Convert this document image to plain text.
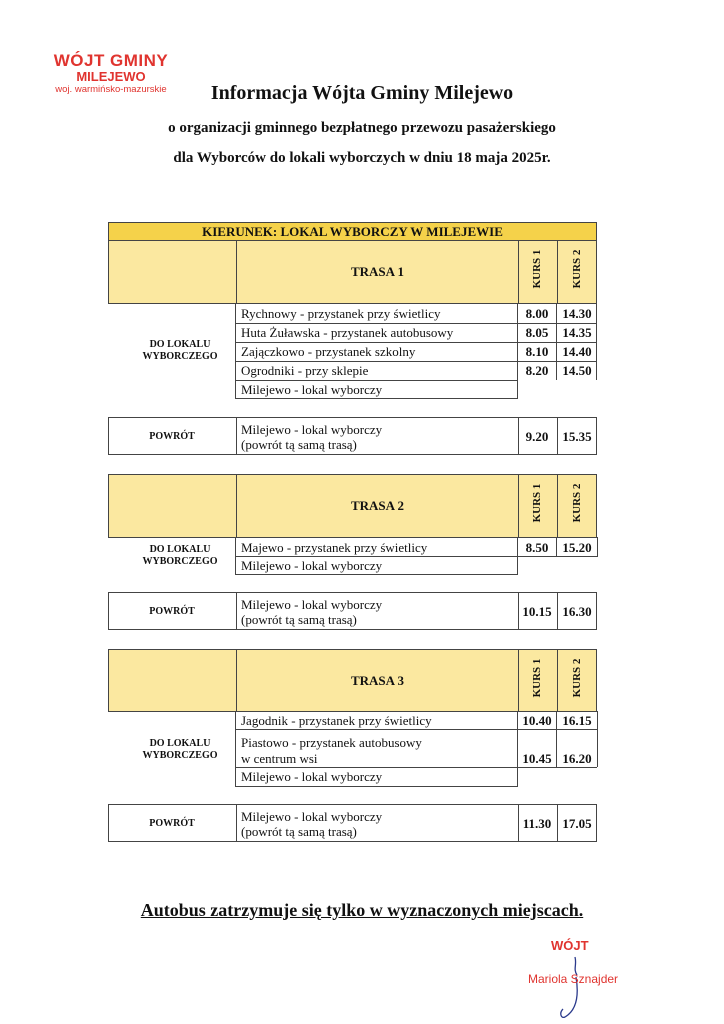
WÓJT GMINY
MILEJEWO
woj. warmińsko-mazurskie	Informacja Wójta Gminy Milejewo
o organizacji gminnego bezpłatnego przewozu pasażerskiego
dla Wyborców do lokali wyborczych w dniu 18 maja 2025r.
KIERUNEK: LOKAL WYBORCZY W MILEJEWIE
TRASA 1	KURS 1	KURS 2
DO LOKALU WYBORCZEGO
Rychnowy - przystanek przy świetlicy	8.00	14.30
Huta Żuławska - przystanek autobusowy	8.05	14.35
Zajączkowo - przystanek szkolny	8.10	14.40
Ogrodniki - przy sklepie	8.20	14.50
Milejewo - lokal wyborczy
POWRÓT	Milejewo - lokal wyborczy
(powrót tą samą trasą)
9.20	15.35
TRASA 2	KURS 1	KURS 2
DO LOKALU WYBORCZEGO
Majewo - przystanek przy świetlicy	8.50	15.20
Milejewo - lokal wyborczy
POWRÓT	Milejewo - lokal wyborczy
(powrót tą samą trasą)
10.15 16.30
TRASA 3	KURS 1	KURS 2
DO LOKALU WYBORCZEGO
Jagodnik - przystanek przy świetlicy	10.40 16.15
Piastowo - przystanek autobusowy
w centrum wsi	10.45 16.20
Milejewo - lokal wyborczy
POWRÓT	Milejewo - lokal wyborczy
(powrót tą samą trasą)
11.30 17.05
Autobus zatrzymuje się tylko w wyznaczonych miejscach.
WÓJT
Mariola Sznajder
